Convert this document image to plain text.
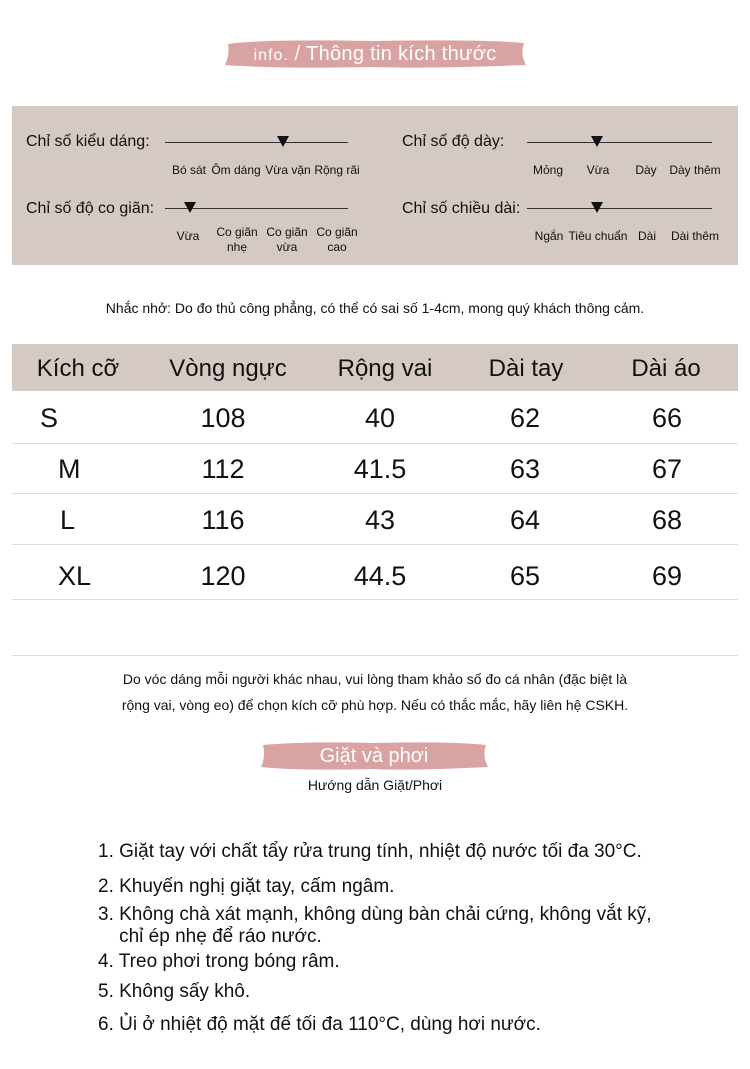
info. / Thông tin kích thước
Chỉ số kiểu dáng:
Bó sát Ôm dáng Vừa vặn Rộng rãi
Chỉ số độ dày:
Mỏng	Vừa	Dày	Dày thêm
Chỉ số độ co giãn:
Vừa	Co giãn
nhẹ
Co giãn
vừa
Co giãn
cao
Chỉ số chiều dài:
Ngắn Tiêu chuẩn Dài	Dài thêm
Nhắc nhở: Do đo thủ công phẳng, có thể có sai số 1-4cm, mong quý khách thông cảm.
Kích cỡ	Vòng ngực	Rộng vai	Dài tay	Dài áo
S	108	40	62	66
M	112	41.5	63	67
L	116	43	64	68
XL	120	44.5	65	69
Do vóc dáng mỗi người khác nhau, vui lòng tham khảo số đo cá nhân (đặc biệt là
rộng vai, vòng eo) để chọn kích cỡ phù hợp. Nếu có thắc mắc, hãy liên hệ CSKH.
Giặt và phơi
Hướng dẫn Giặt/Phơi
1. Giặt tay với chất tẩy rửa trung tính, nhiệt độ nước tối đa 30°C.
2. Khuyến nghị giặt tay, cấm ngâm.
3. Không chà xát mạnh, không dùng bàn chải cứng, không vắt kỹ,
chỉ ép nhẹ để ráo nước.
4. Treo phơi trong bóng râm.
5. Không sấy khô.
6. Ủi ở nhiệt độ mặt đế tối đa 110°C, dùng hơi nước.
